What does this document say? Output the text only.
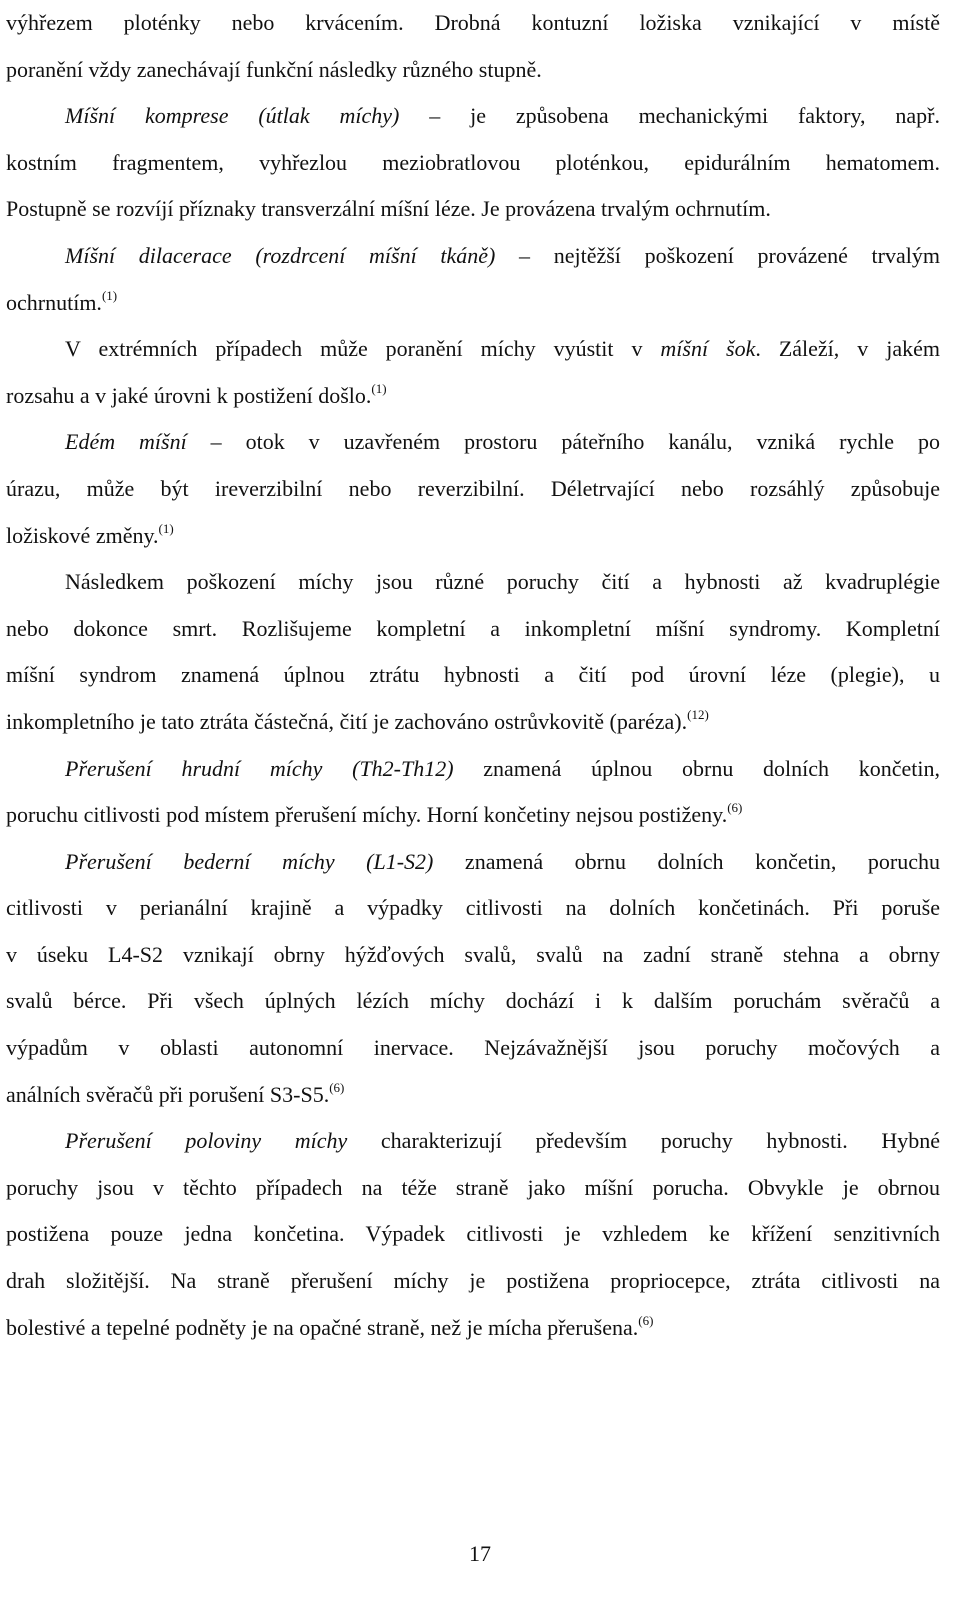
výhřezem ploténky nebo krvácením. Drobná kontuzní ložiska vznikající v místě
poranění vždy zanechávají funkční následky různého stupně.
Míšní komprese (útlak míchy) – je způsobena mechanickými faktory, např.
kostním fragmentem, vyhřezlou meziobratlovou ploténkou, epidurálním hematomem.
Postupně se rozvíjí příznaky transverzální míšní léze. Je provázena trvalým ochrnutím.
Míšní dilacerace (rozdrcení míšní tkáně) – nejtěžší poškození provázené trvalým
ochrnutím.$^{(1)}$
V extrémních případech může poranění míchy vyústit v míšní šok. Záleží, v jakém
rozsahu a v jaké úrovni k postižení došlo.$^{(1)}$
Edém míšní – otok v uzavřeném prostoru páteřního kanálu, vzniká rychle po
úrazu, může být ireverzibilní nebo reverzibilní. Déletrvající nebo rozsáhlý způsobuje
ložiskové změny.$^{(1)}$
Následkem poškození míchy jsou různé poruchy čití a hybnosti až kvadruplégie
nebo dokonce smrt. Rozlišujeme kompletní a inkompletní míšní syndromy. Kompletní
míšní syndrom znamená úplnou ztrátu hybnosti a čití pod úrovní léze (plegie), u
inkompletního je tato ztráta částečná, čití je zachováno ostrůvkovitě (paréza).$^{(12)}$
Přerušení hrudní míchy (Th2-Th12) znamená úplnou obrnu dolních končetin,
poruchu citlivosti pod místem přerušení míchy. Horní končetiny nejsou postiženy.$^{(6)}$
Přerušení bederní míchy (L1-S2) znamená obrnu dolních končetin, poruchu
citlivosti v perianální krajině a výpadky citlivosti na dolních končetinách. Při poruše
v úseku L4-S2 vznikají obrny hýžďových svalů, svalů na zadní straně stehna a obrny
svalů bérce. Při všech úplných lézích míchy dochází i k dalším poruchám svěračů a
výpadům v oblasti autonomní inervace. Nejzávažnější jsou poruchy močových a
análních svěračů při porušení S3-S5.$^{(6)}$
Přerušení poloviny míchy charakterizují především poruchy hybnosti. Hybné
poruchy jsou v těchto případech na téže straně jako míšní porucha. Obvykle je obrnou
postižena pouze jedna končetina. Výpadek citlivosti je vzhledem ke křížení senzitivních
drah složitější. Na straně přerušení míchy je postižena propriocepce, ztráta citlivosti na
bolestivé a tepelné podněty je na opačné straně, než je mícha přerušena.$^{(6)}$
17
